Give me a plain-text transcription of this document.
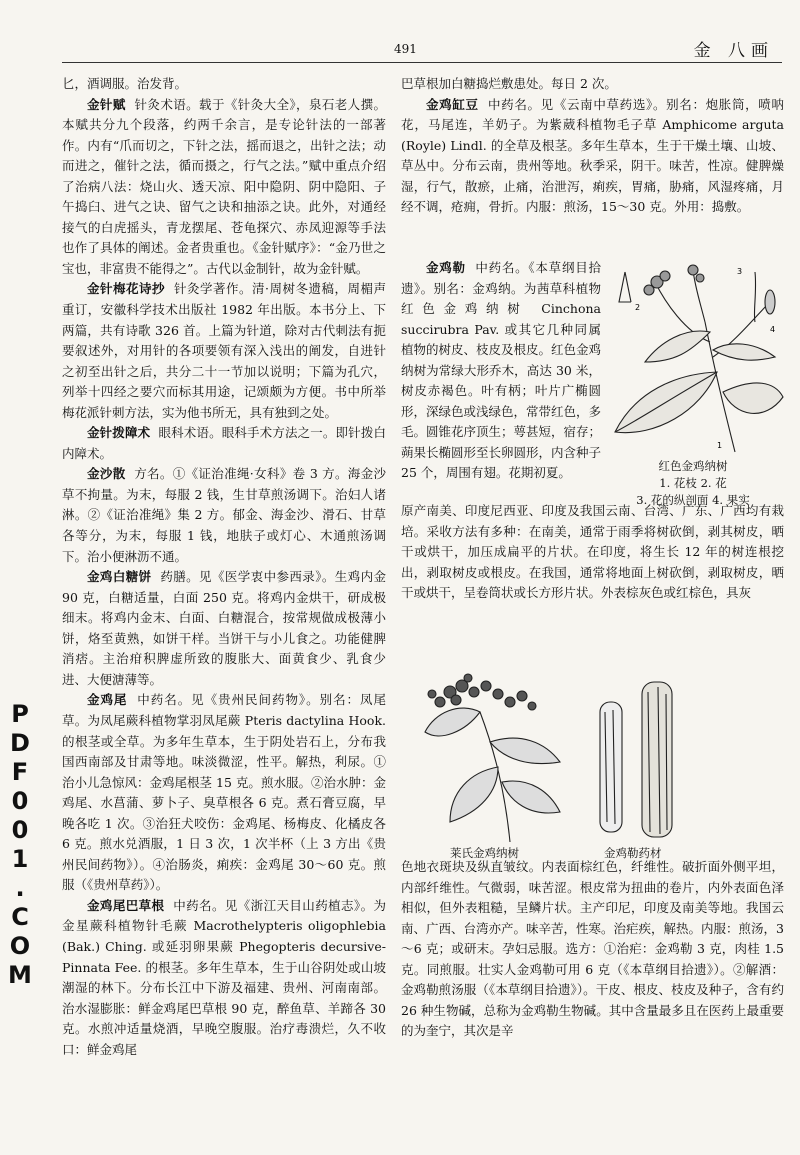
491	金 八画

匕，酒调服。治发背。

金针赋 针灸术语。载于《针灸大全》，泉石老人撰。本赋共分九个段落，约两千余言，是专论针法的一部著作。内有“爪而切之，下针之法，摇而退之，出针之法；动而进之，催针之法，循而摄之，行气之法。”赋中重点介绍了治病八法：烧山火、透天凉、阳中隐阴、阴中隐阳、子午捣臼、进气之诀、留气之诀和抽添之诀。此外，对通经接气的白虎摇头，青龙摆尾、苍龟探穴、赤凤迎源等手法也作了具体的阐述。金者贵重也。《金针赋序》：“金乃世之宝也，非富贵不能得之”。古代以金制针，故为金针赋。

金针梅花诗抄 针灸学著作。清·周树冬遗稿，周楣声重订，安徽科学技术出版社 1982 年出版。本书分上、下两篇，共有诗歌 326 首。上篇为针道，除对古代刺法有扼要叙述外，对用针的各项要领有深入浅出的阐发，自进针之初至出针之后，共分二十一节加以说明；下篇为孔穴，列举十四经之要穴而标其用途，记颂颇为方便。书中所举梅花派针刺方法，实为他书所无，具有独到之处。

金针拨障术 眼科术语。眼科手术方法之一。即针拨白内障术。

金沙散 方名。①《证治准绳·女科》卷 3 方。海金沙草不拘量。为末，每服 2 钱，生甘草煎汤调下。治妇人诸淋。②《证治准绳》集 2 方。郁金、海金沙、滑石、甘草各等分，为末，每服 1 钱，地肤子或灯心、木通煎汤调下。治小便淋沥不通。

金鸡白糖饼 药膳。见《医学衷中参西录》。生鸡内金 90 克，白糖适量，白面 250 克。将鸡内金烘干，研成极细末。将鸡内金末、白面、白糖混合，按常规做成极薄小饼，烙至黄熟，如饼干样。当饼干与小儿食之。功能健脾消痞。主治疳积脾虚所致的腹胀大、面黄食少、乳食少进、大便溏薄等。

金鸡尾 中药名。见《贵州民间药物》。别名：凤尾草。为凤尾蕨科植物掌羽凤尾蕨 Pteris dactylina Hook. 的根茎或全草。为多年生草本，生于阴处岩石上，分布我国西南部及甘肃等地。味淡微涩，性平。解热，利尿。①治小儿急惊风：金鸡尾根茎 15 克。煎水服。②治水肿：金鸡尾、水菖蒲、萝卜子、臭草根各 6 克。煮石膏豆腐，早晚各吃 1 次。③治狂犬咬伤：金鸡尾、杨梅皮、化橘皮各 6 克。煎水兑酒服，1 日 3 次，1 次半杯（上 3 方出《贵州民间药物》）。④治肠炎，痢疾：金鸡尾 30～60 克。煎服（《贵州草药》）。

金鸡尾巴草根 中药名。见《浙江天目山药植志》。为金星蕨科植物针毛蕨 Macrothelypteris oligophlebia (Bak.) Ching. 或延羽卵果蕨 Phegopteris decursive-Pinnata Fee. 的根茎。多年生草本，生于山谷阴处或山坡潮湿的林下。分布长江中下游及福建、贵州、河南南部。治水湿膨胀：鲜金鸡尾巴草根 90 克，醉鱼草、羊蹄各 30 克。水煎冲适量烧酒，早晚空腹服。治疗毒溃烂，久不收口：鲜金鸡尾

巴草根加白糖捣烂敷患处。每日 2 次。

金鸡缸豆 中药名。见《云南中草药选》。别名：炮胀筒，喷呐花，马尾连，羊奶子。为紫葳科植物毛子草 Amphicome arguta (Royle) Lindl. 的全草及根茎。多年生草本，生于干燥土壤、山坡、草丛中。分布云南，贵州等地。秋季采，阴干。味苦，性凉。健脾燥湿，行气，散瘀，止痛，治泄泻，痢疾，胃痛，胁痛，风湿疼痛，月经不调，疮痈，骨折。内服：煎汤，15～30 克。外用：捣敷。

金鸡勒 中药名。《本草纲目拾遗》。别名：金鸡纳。为茜草科植物红色金鸡纳树 Cinchona succirubra Pav. 或其它几种同属植物的树皮、枝皮及根皮。红色金鸡纳树为常绿大形乔木，高达 30 米，树皮赤褐色。叶有柄；叶片广椭圆形，深绿色或浅绿色，常带红色，多毛。圆锥花序顶生；萼甚短，宿存；蒴果长椭圆形至长卵圆形，内含种子 25 个，周围有翅。花期初夏。

1
2
3
4
红色金鸡纳树
1. 花枝 2. 花
3. 花的纵剖面 4. 果实
原产南美、印度尼西亚、印度及我国云南、台湾、广东、广西均有栽培。采收方法有多种：在南美，通常于雨季将树砍倒，剥其树皮，晒干或烘干，加压成扁平的片状。在印度，将生长 12 年的树连根挖出，剥取树皮或根皮。在我国，通常将地面上树砍倒，剥取树皮，晒干或烘干，呈卷筒状或长方形片状。外表棕灰色或红棕色，具灰
莱氏金鸡纳树	金鸡勒药材
色地衣斑块及纵直皱纹。内表面棕红色，纤维性。破折面外侧平坦，内部纤维性。气微弱，味苦涩。根皮常为扭曲的卷片，内外表面色泽相似，但外表粗糙，呈鳞片状。主产印尼，印度及南美等地。我国云南、广西、台湾亦产。味辛苦，性寒。治疟疾，解热。内服：煎汤，3～6 克；或研末。孕妇忌服。选方：①治疟：金鸡勒 3 克，肉桂 1.5 克。同煎服。壮实人金鸡勒可用 6 克（《本草纲目拾遗》）。②解酒：金鸡勒煎汤服（《本草纲目拾遗》）。干皮、根皮、枝皮及种子，含有约 26 种生物碱，总称为金鸡勒生物碱。其中含量最多且在医药上最重要的为奎宁，其次是辛
PDF001.COM
